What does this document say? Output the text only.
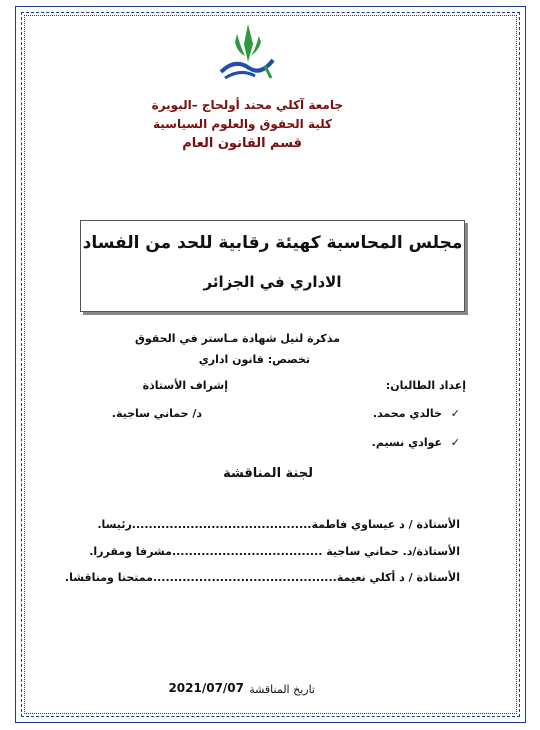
جامعة آكلي محند أولحاج –البويرة
كلية الحقوق والعلوم السياسية
قسم القانون العام
مجلس المحاسبة كهيئة رقابية للحد من الفساد
الاداري في الجزائر
مذكرة لنيل شهادة مـاستر في الحقوق
تخصص: قانون اداري
إعداد الطالبان:
إشراف الأستاذة
✓
خالدي محمد.
د/ حماني ساجية.
✓
عوادي نسيم.
لجنة المناقشة
الأستاذة / د عيساوي فاطمة...........................................رئيسا.
الأستاذة/د. حماني ساجية ....................................مشرفا ومقررا.
الأستاذة / د أكلي نعيمة............................................ممتحنا ومناقشا.
تاريخ المناقشة
2021/07/07
